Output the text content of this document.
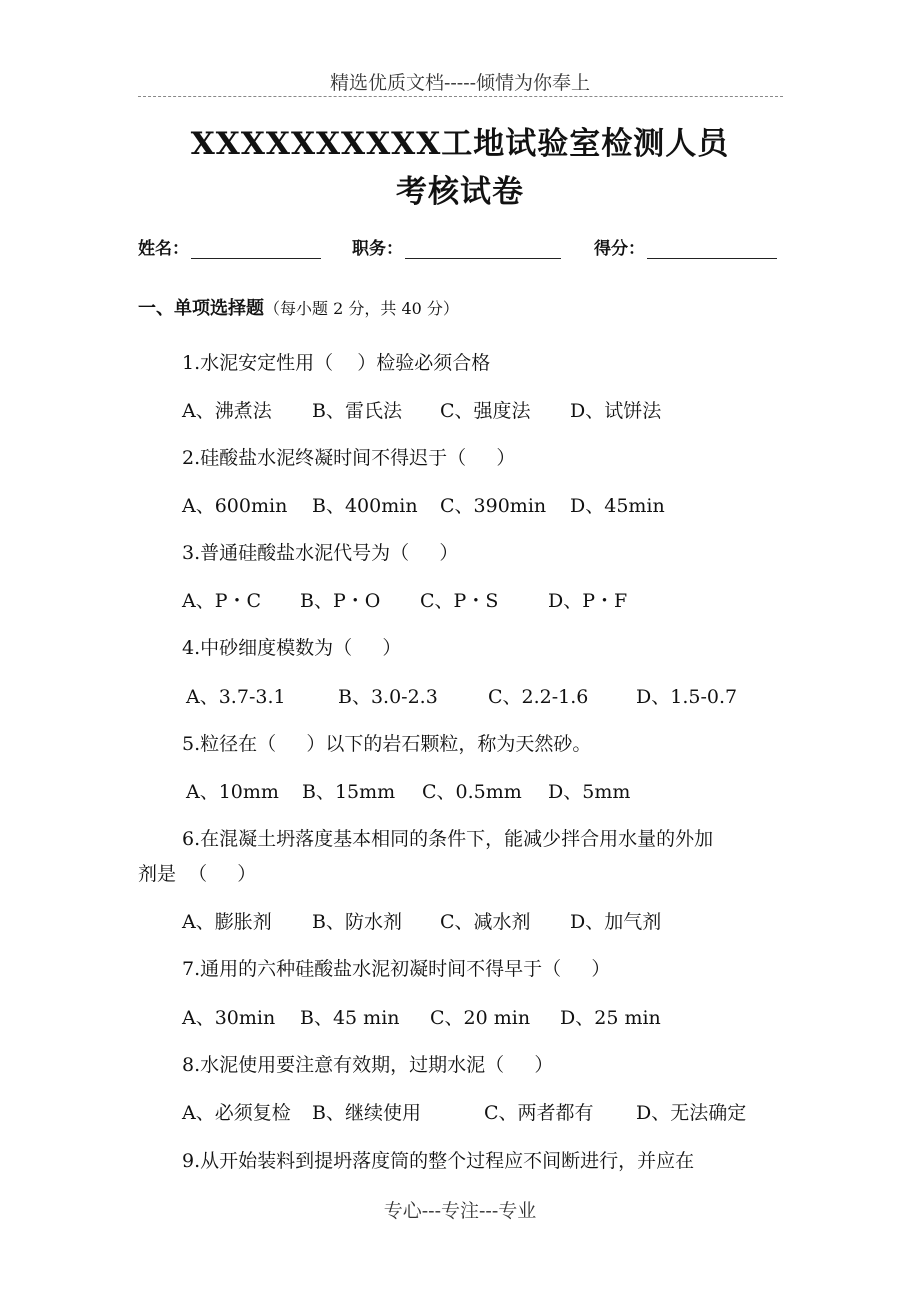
精选优质文档-----倾情为你奉上
XXXXXXXXXX工地试验室检测人员
考核试卷
姓名：	职务：	得分：
一、单项选择题（每小题 2 分，共 40 分）
1.水泥安定性用（    ）检验必须合格
A、沸煮法 B、雷氏法 C、强度法 D、试饼法
2.硅酸盐水泥终凝时间不得迟于（     ）
A、600min B、400min C、390min D、45min
3.普通硅酸盐水泥代号为（     ）
A、P・C B、P・O C、P・S	D、P・F
4.中砂细度模数为（     ）
A、3.7-3.1	B、3.0-2.3	C、2.2-1.6	D、1.5-0.7
5.粒径在（     ）以下的岩石颗粒，称为天然砂。
A、10mm B、15mm C、0.5mm D、5mm
6.在混凝土坍落度基本相同的条件下，能减少拌合用水量的外加
剂是  （     ）
A、膨胀剂 B、防水剂 C、减水剂 D、加气剂
7.通用的六种硅酸盐水泥初凝时间不得早于（     ）
A、30min B、45 min C、20 min D、25 min
8.水泥使用要注意有效期，过期水泥（     ）
A、必须复检 B、继续使用	C、两者都有 D、无法确定
9.从开始装料到提坍落度筒的整个过程应不间断进行，并应在
专心---专注---专业
